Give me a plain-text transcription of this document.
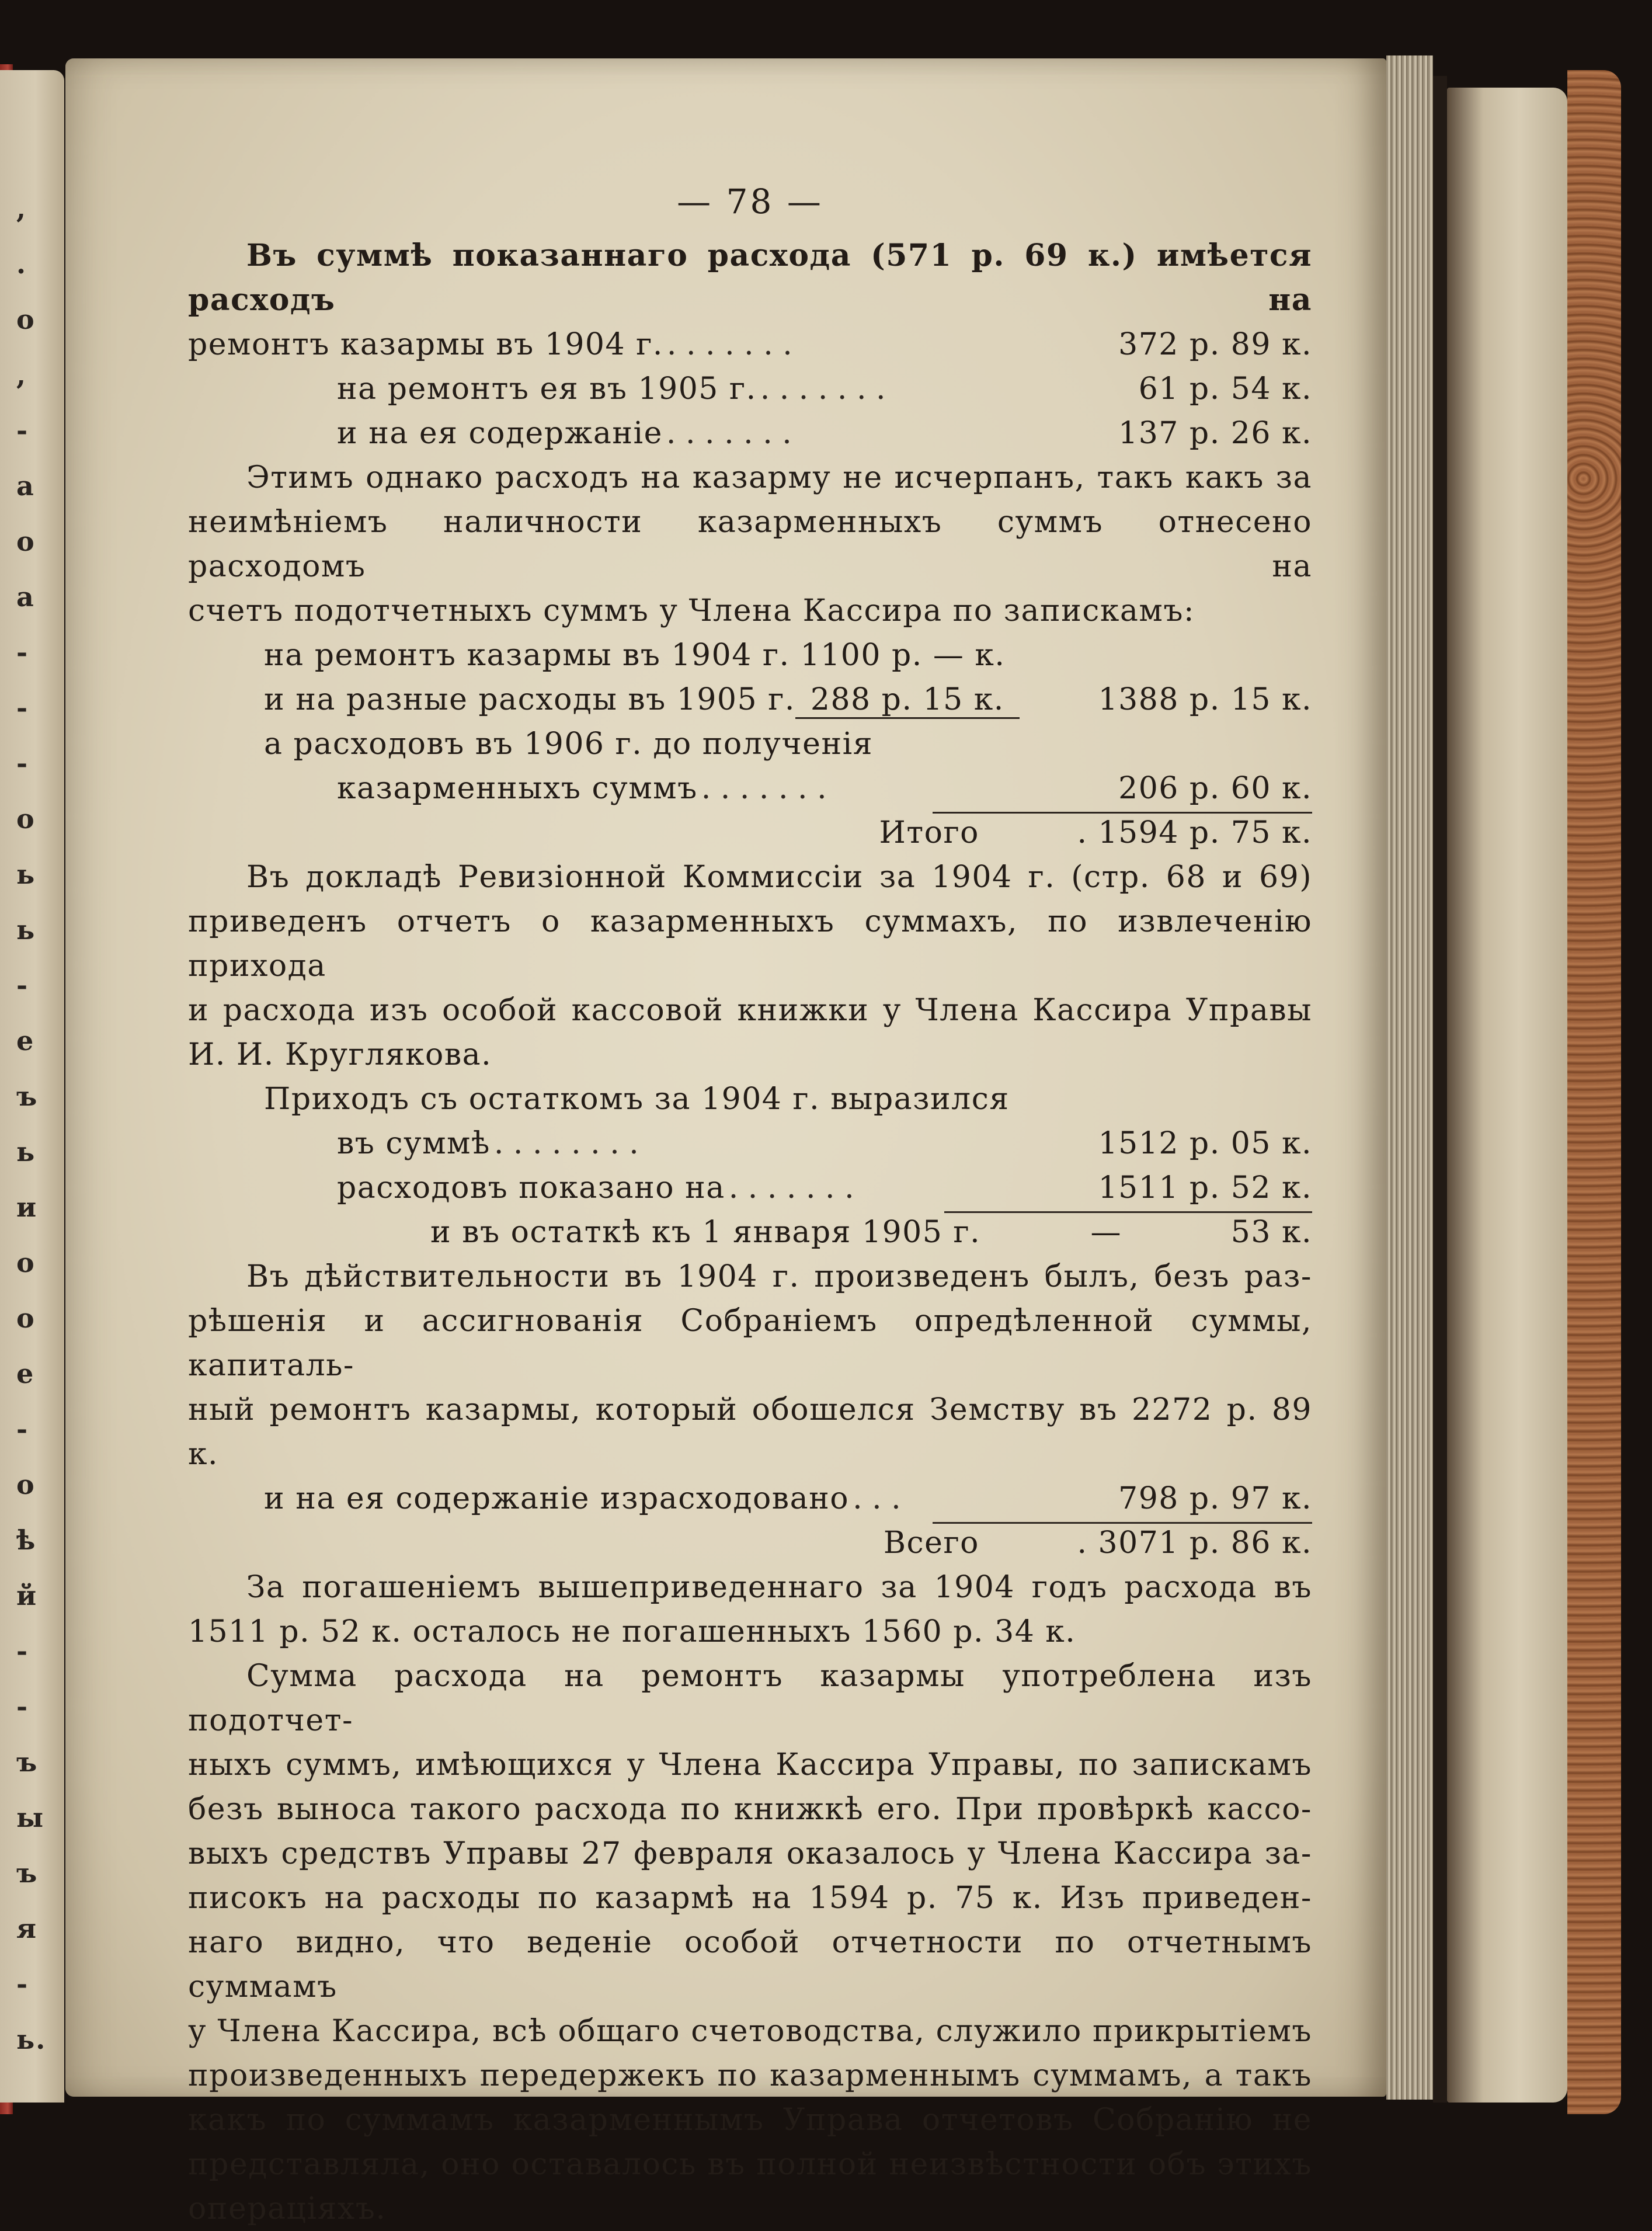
,
.
о
,
-
а
о
а
-
-
-
о
ь
ь
-
е
ъ
ь
и
о
о
е
-
о
ѣ
й
-
-
ъ
ы
ъ
я
-
ь.
— 78 —

Въ суммѣ показаннаго расхода (571 р. 69 к.) имѣется расходъ на

ремонтъ казармы въ 1904 г. . . . . . . .	372 р. 89 к.
на ремонтъ ея въ 1905 г. . . . . . . .	61 р. 54 к.
и на ея содержаніе . . . . . . .	137 р. 26 к.

Этимъ однако расходъ на казарму не исчерпанъ, такъ какъ за

неимѣніемъ наличности казарменныхъ суммъ отнесено расходомъ на

счетъ подотчетныхъ суммъ у Члена Кассира по запискамъ:

на ремонтъ казармы въ 1904 г. 1100 р. — к.
и на разные расходы въ 1905 г. 288 р. 15 к.	1388 р. 15 к.
а расходовъ въ 1906 г. до полученія
казарменныхъ суммъ . . . . . . .	206 р. 60 к.
Итого	. 1594 р. 75 к.

Въ докладѣ Ревизіонной Коммиссіи за 1904 г. (стр. 68 и 69)

приведенъ отчетъ о казарменныхъ суммахъ, по извлеченію прихода

и расхода изъ особой кассовой книжки у Члена Кассира Управы

И. И. Круглякова.

Приходъ съ остаткомъ за 1904 г. выразился
въ суммѣ . . . . . . . .	1512 р. 05 к.
расходовъ показано на . . . . . . .	1511 р. 52 к.
и въ остаткѣ къ 1 января 1905 г.	—	53 к.

Въ дѣйствительности въ 1904 г. произведенъ былъ, безъ раз-

рѣшенія и ассигнованія Собраніемъ опредѣленной суммы, капиталь-

ный ремонтъ казармы, который обошелся Земству въ 2272 р. 89 к.

и на ея содержаніе израсходовано . . .	798 р. 97 к.
Всего	. 3071 р. 86 к.

За погашеніемъ вышеприведеннаго за 1904 годъ расхода въ

1511 р. 52 к. осталось не погашенныхъ 1560 р. 34 к.

Сумма расхода на ремонтъ казармы употреблена изъ подотчет-

ныхъ суммъ, имѣющихся у Члена Кассира Управы, по запискамъ

безъ выноса такого расхода по книжкѣ его. При провѣркѣ кассо-

выхъ средствъ Управы 27 февраля оказалось у Члена Кассира за-

писокъ на расходы по казармѣ на 1594 р. 75 к. Изъ приведен-

наго видно, что веденіе особой отчетности по отчетнымъ суммамъ

у Члена Кассира, всѣ общаго счетоводства, служило прикрытіемъ

произведенныхъ передержекъ по казарменнымъ суммамъ, а такъ

какъ по суммамъ казарменнымъ Управа отчетовъ Собранію не

представляла, оно оставалось въ полной неизвѣстности объ этихъ

операціяхъ.
